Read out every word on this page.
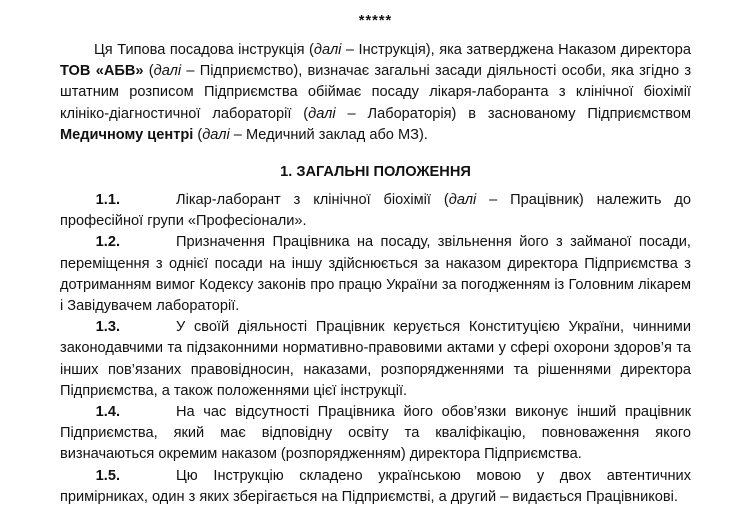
*****

Ця Типова посадова інструкція (далі – Інструкція), яка затверджена Наказом директора ТОВ «АБВ» (далі – Підприємство), визначає загальні засади діяльності особи, яка згідно з штатним розписом Підприємства обіймає посаду лікаря-лаборанта з клінічної біохімії клініко-діагностичної лабораторії (далі – Лабораторія) в заснованому Підприємством Медичному центрі (далі – Медичний заклад або МЗ).

1. ЗАГАЛЬНІ ПОЛОЖЕННЯ

1.1.	Лікар-лаборант з клінічної біохімії (далі – Працівник) належить до професійної групи «Професіонали».

1.2.	Призначення Працівника на посаду, звільнення його з займаної посади, переміщення з однієї посади на іншу здійснюється за наказом директора Підприємства з дотриманням вимог Кодексу законів про працю України за погодженням із Головним лікарем і Завідувачем лабораторії.

1.3.	У своїй діяльності Працівник керується Конституцією України, чинними законодавчими та підзаконними нормативно-правовими актами у сфері охорони здоров’я та інших пов’язаних правовідносин, наказами, розпорядженнями та рішеннями директора Підприємства, а також положеннями цієї інструкції.

1.4.	На час відсутності Працівника його обов’язки виконує інший працівник Підприємства, який має відповідну освіту та кваліфікацію, повноваження якого визначаються окремим наказом (розпорядженням) директора Підприємства.

1.5.	Цю Інструкцію складено українською мовою у двох автентичних примірниках, один з яких зберігається на Підприємстві, а другий – видається Працівникові.
